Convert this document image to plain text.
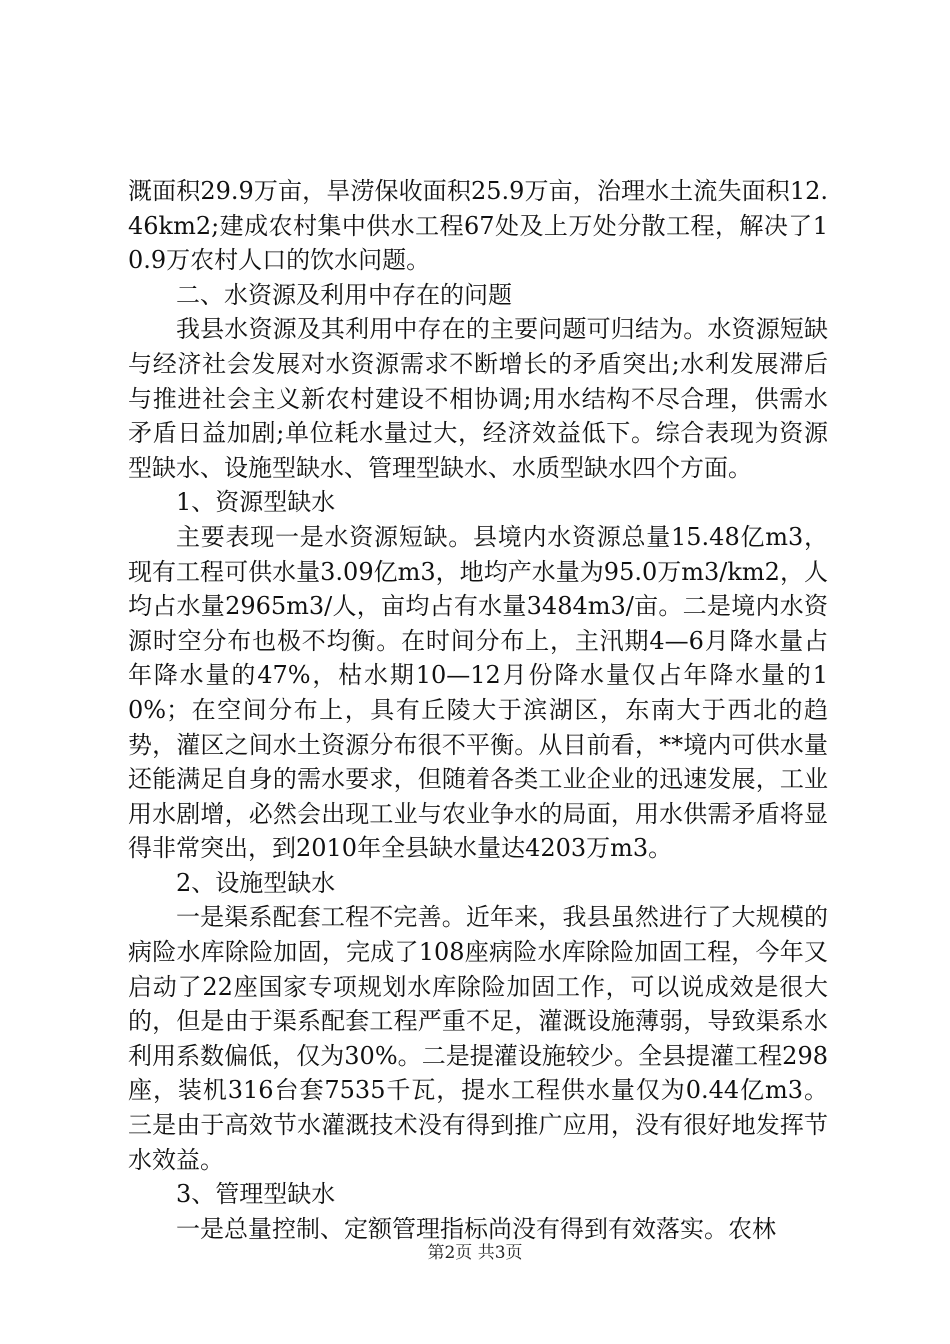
溉面积29.9万亩，旱涝保收面积25.9万亩，治理水土流失面积12.46km2;建成农村集中供水工程67处及上万处分散工程，解决了10.9万农村人口的饮水问题。

二、水资源及利用中存在的问题

我县水资源及其利用中存在的主要问题可归结为。水资源短缺与经济社会发展对水资源需求不断增长的矛盾突出;水利发展滞后与推进社会主义新农村建设不相协调;用水结构不尽合理，供需水矛盾日益加剧;单位耗水量过大，经济效益低下。综合表现为资源型缺水、设施型缺水、管理型缺水、水质型缺水四个方面。

1、资源型缺水

主要表现一是水资源短缺。县境内水资源总量15.48亿m3，现有工程可供水量3.09亿m3，地均产水量为95.0万m3/km2，人均占水量2965m3/人，亩均占有水量3484m3/亩。二是境内水资源时空分布也极不均衡。在时间分布上，主汛期4—6月降水量占年降水量的47%，枯水期10—12月份降水量仅占年降水量的10%；在空间分布上，具有丘陵大于滨湖区，东南大于西北的趋势，灌区之间水土资源分布很不平衡。从目前看，**境内可供水量还能满足自身的需水要求，但随着各类工业企业的迅速发展，工业用水剧增，必然会出现工业与农业争水的局面，用水供需矛盾将显得非常突出，到2010年全县缺水量达4203万m3。

2、设施型缺水

一是渠系配套工程不完善。近年来，我县虽然进行了大规模的病险水库除险加固，完成了108座病险水库除险加固工程，今年又启动了22座国家专项规划水库除险加固工作，可以说成效是很大的，但是由于渠系配套工程严重不足，灌溉设施薄弱，导致渠系水利用系数偏低，仅为30%。二是提灌设施较少。全县提灌工程298座，装机316台套7535千瓦，提水工程供水量仅为0.44亿m3。三是由于高效节水灌溉技术没有得到推广应用，没有很好地发挥节水效益。

3、管理型缺水

一是总量控制、定额管理指标尚没有得到有效落实。农林

第2页 共3页
